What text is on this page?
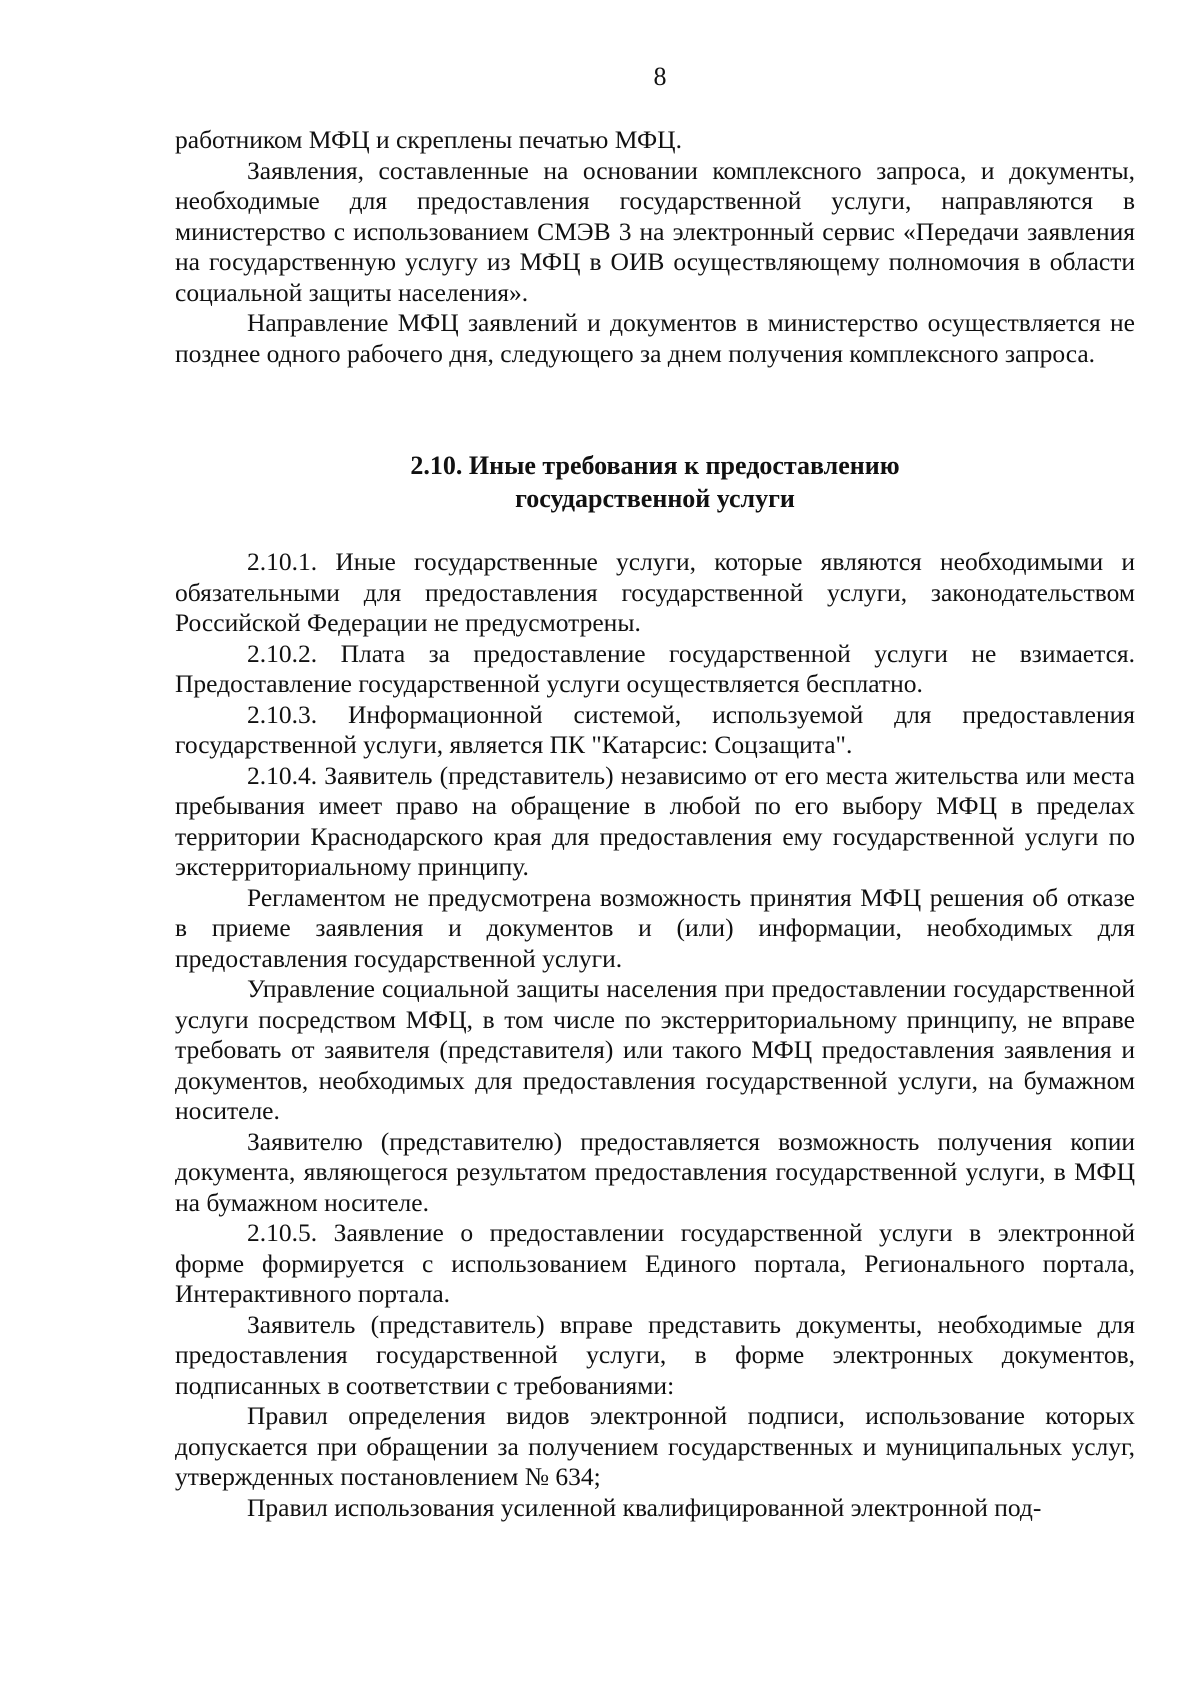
8

работником МФЦ и скреплены печатью МФЦ.

Заявления, составленные на основании комплексного запроса, и документы, необходимые для предоставления государственной услуги, направляются в министерство с использованием СМЭВ 3 на электронный сервис «Передачи заявления на государственную услугу из МФЦ в ОИВ осуществляющему полномочия в области социальной защиты населения».

Направление МФЦ заявлений и документов в министерство осуществляется не позднее одного рабочего дня, следующего за днем получения комплексного запроса.

2.10. Иные требования к предоставлению
государственной услуги

2.10.1. Иные государственные услуги, которые являются необходимыми и обязательными для предоставления государственной услуги, законодательством Российской Федерации не предусмотрены.

2.10.2. Плата за предоставление государственной услуги не взимается. Предоставление государственной услуги осуществляется бесплатно.

2.10.3. Информационной системой, используемой для предоставления государственной услуги, является ПК "Катарсис: Соцзащита".

2.10.4. Заявитель (представитель) независимо от его места жительства или места пребывания имеет право на обращение в любой по его выбору МФЦ в пределах территории Краснодарского края для предоставления ему государственной услуги по экстерриториальному принципу.

Регламентом не предусмотрена возможность принятия МФЦ решения об отказе в приеме заявления и документов и (или) информации, необходимых для предоставления государственной услуги.

Управление социальной защиты населения при предоставлении государственной услуги посредством МФЦ, в том числе по экстерриториальному принципу, не вправе требовать от заявителя (представителя) или такого МФЦ предоставления заявления и документов, необходимых для предоставления государственной услуги, на бумажном носителе.

Заявителю (представителю) предоставляется возможность получения копии документа, являющегося результатом предоставления государственной услуги, в МФЦ на бумажном носителе.

2.10.5. Заявление о предоставлении государственной услуги в электронной форме формируется с использованием Единого портала, Регионального портала, Интерактивного портала.

Заявитель (представитель) вправе представить документы, необходимые для предоставления государственной услуги, в форме электронных документов, подписанных в соответствии с требованиями:

Правил определения видов электронной подписи, использование которых допускается при обращении за получением государственных и муниципальных услуг, утвержденных постановлением № 634;

Правил использования усиленной квалифицированной электронной под-
